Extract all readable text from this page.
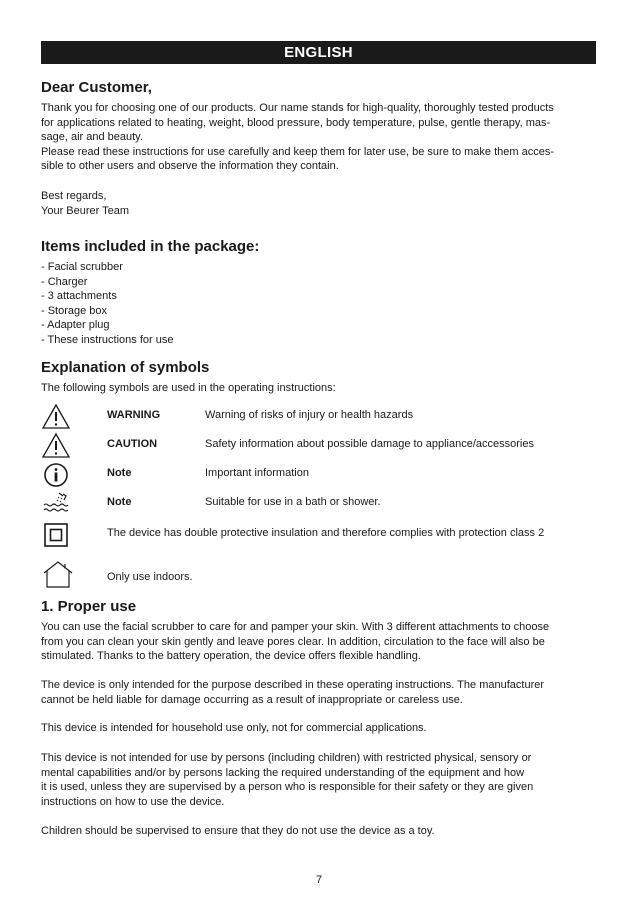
ENGLISH
Dear Customer,

Thank you for choosing one of our products. Our name stands for high-quality, thoroughly tested products
for applications related to heating, weight, blood pressure, body temperature, pulse, gentle therapy, mas-
sage, air and beauty.
Please read these instructions for use carefully and keep them for later use, be sure to make them acces-
sible to other users and observe the information they contain.

Best regards,
Your Beurer Team

Items included in the package:

- Facial scrubber
- Charger
- 3 attachments
- Storage box
- Adapter plug
- These instructions for use

Explanation of symbols

The following symbols are used in the operating instructions:

WARNING	Warning of risks of injury or health hazards
CAUTION	Safety information about possible damage to appliance/accessories
Note	Important information
Note	Suitable for use in a bath or shower.
The device has double protective insulation and therefore complies with protection class 2
Only use indoors.
1. Proper use

You can use the facial scrubber to care for and pamper your skin. With 3 different attachments to choose
from you can clean your skin gently and leave pores clear. In addition, circulation to the face will also be
stimulated. Thanks to the battery operation, the device offers flexible handling.

The device is only intended for the purpose described in these operating instructions. The manufacturer
cannot be held liable for damage occurring as a result of inappropriate or careless use.

This device is intended for household use only, not for commercial applications.

This device is not intended for use by persons (including children) with restricted physical, sensory or
mental capabilities and/or by persons lacking the required understanding of the equipment and how
it is used, unless they are supervised by a person who is responsible for their safety or they are given
instructions on how to use the device.

Children should be supervised to ensure that they do not use the device as a toy.

7
